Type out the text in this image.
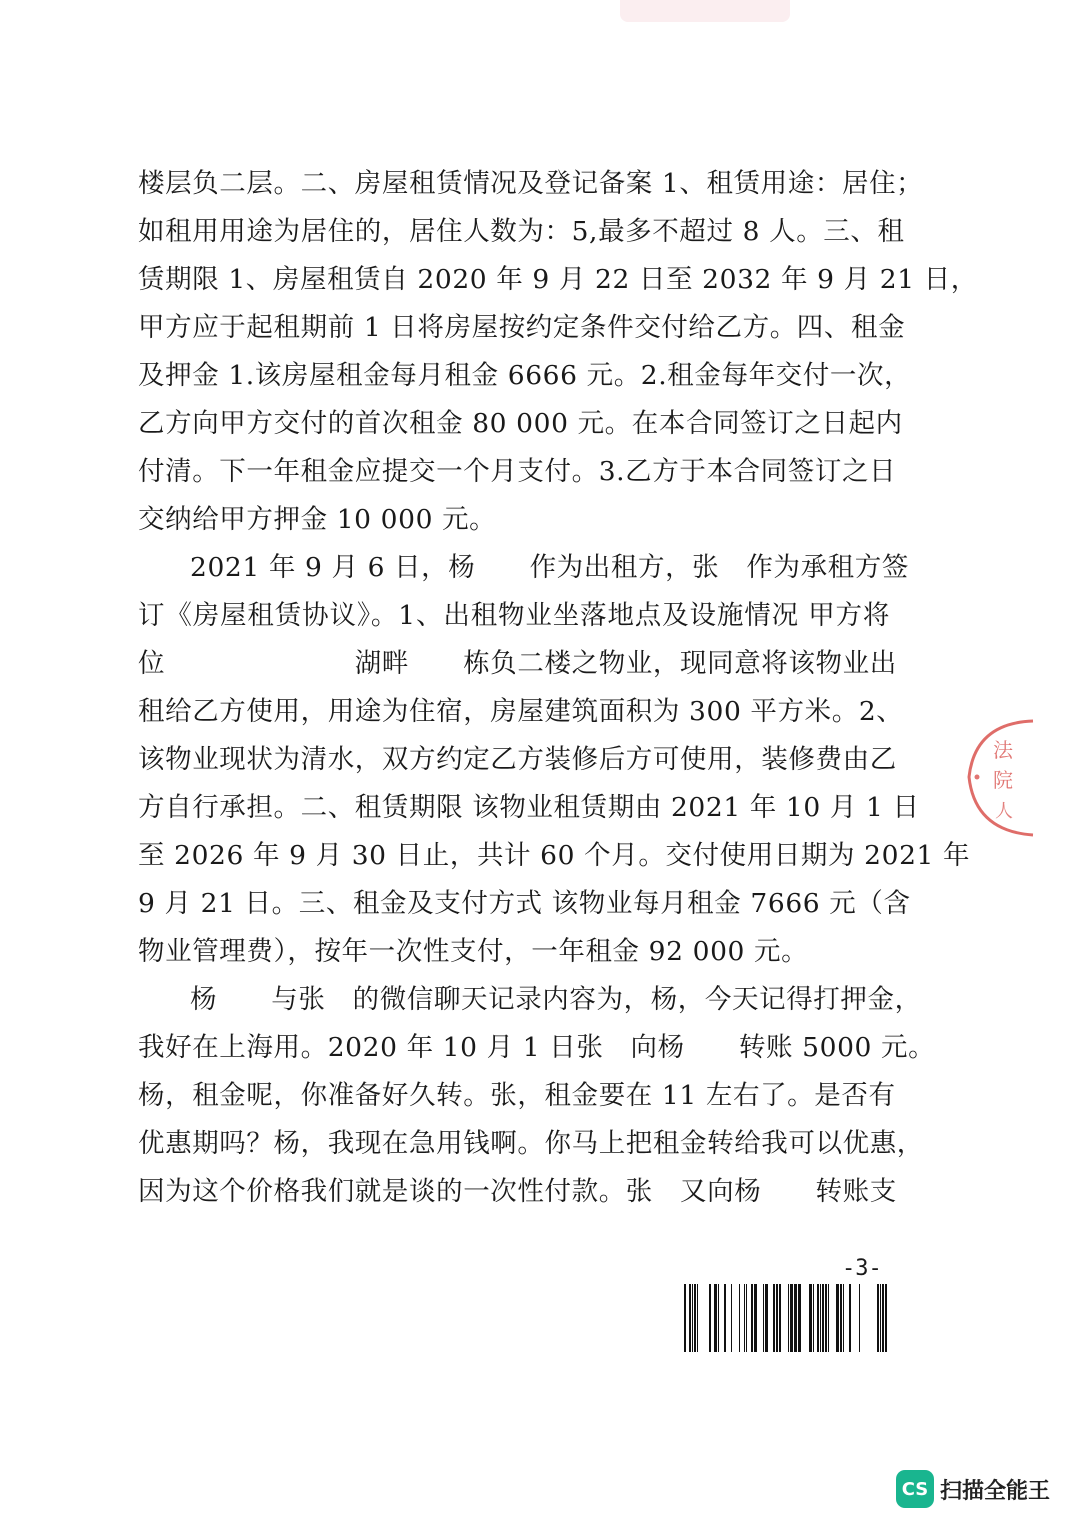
楼层负二层。二、房屋租赁情况及登记备案 1、租赁用途：居住；
如租用用途为居住的，居住人数为：5,最多不超过 8 人。三、租
赁期限 1、房屋租赁自 2020 年 9 月 22 日至 2032 年 9 月 21 日，
甲方应于起租期前 1 日将房屋按约定条件交付给乙方。四、租金
及押金 1.该房屋租金每月租金 6666 元。2.租金每年交付一次，
乙方向甲方交付的首次租金 80 000 元。在本合同签订之日起内
付清。下一年租金应提交一个月支付。3.乙方于本合同签订之日
交纳给甲方押金 10 000 元。
2021 年 9 月 6 日，杨　　作为出租方，张　作为承租方签
订《房屋租赁协议》。1、出租物业坐落地点及设施情况 甲方将
位　　　　　　　湖畔　　栋负二楼之物业，现同意将该物业出
租给乙方使用，用途为住宿，房屋建筑面积为 300 平方米。2、
该物业现状为清水，双方约定乙方装修后方可使用，装修费由乙
方自行承担。二、租赁期限 该物业租赁期由 2021 年 10 月 1 日
至 2026 年 9 月 30 日止，共计 60 个月。交付使用日期为 2021 年
9 月 21 日。三、租金及支付方式 该物业每月租金 7666 元（含
物业管理费），按年一次性支付，一年租金 92 000 元。
杨　　与张　的微信聊天记录内容为，杨，今天记得打押金，
我好在上海用。2020 年 10 月 1 日张　向杨　　转账 5000 元。
杨，租金呢，你准备好久转。张，租金要在 11 左右了。是否有
优惠期吗？杨，我现在急用钱啊。你马上把租金转给我可以优惠，
因为这个价格我们就是谈的一次性付款。张　又向杨　　转账支
-3-
法
院
人
CS 扫描全能王
